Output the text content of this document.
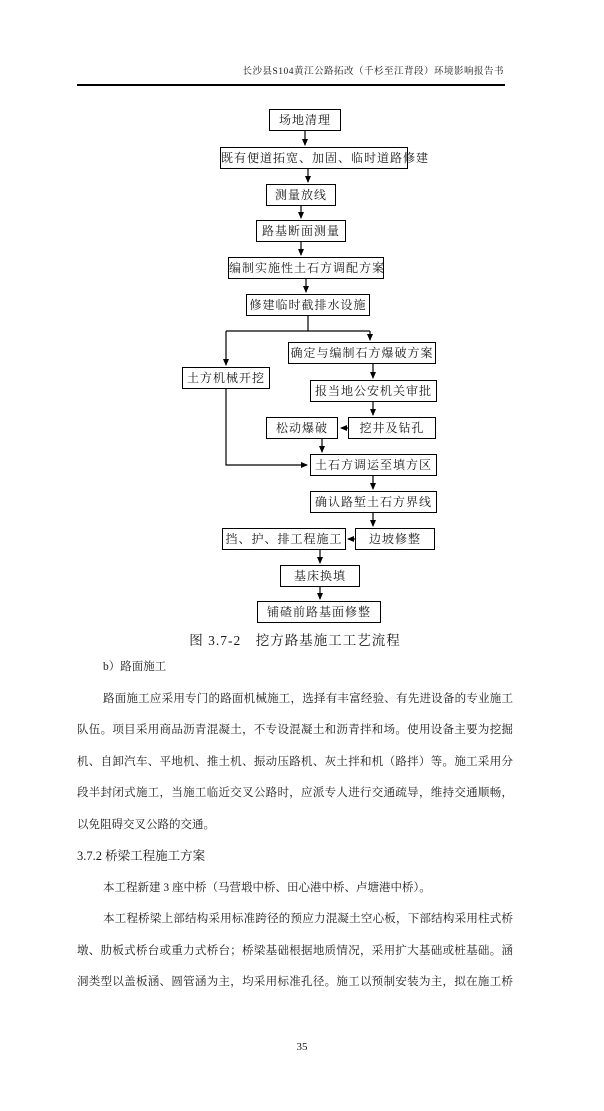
长沙县S104黄江公路拓改（千杉至江背段）环境影响报告书
场地清理
既有便道拓宽、加固、临时道路修建
测量放线
路基断面测量
编制实施性土石方调配方案
修建临时截排水设施
土方机械开挖
确定与编制石方爆破方案
报当地公安机关审批
松动爆破	挖井及钻孔
土石方调运至填方区
确认路堑土石方界线
挡、护、排工程施工	边坡修整
基床换填
铺碴前路基面修整
图 3.7-2　挖方路基施工工艺流程
b）路面施工
路面施工应采用专门的路面机械施工，选择有丰富经验、有先进设备的专业施工
队伍。项目采用商品沥青混凝土，不专设混凝土和沥青拌和场。使用设备主要为挖掘
机、自卸汽车、平地机、推土机、振动压路机、灰土拌和机（路拌）等。施工采用分
段半封闭式施工，当施工临近交叉公路时，应派专人进行交通疏导，维持交通顺畅，
以免阻碍交叉公路的交通。
3.7.2 桥梁工程施工方案
本工程新建 3 座中桥（马营塅中桥、田心港中桥、卢塘港中桥）。
本工程桥梁上部结构采用标准跨径的预应力混凝土空心板，下部结构采用柱式桥
墩、肋板式桥台或重力式桥台；桥梁基础根据地质情况，采用扩大基础或桩基础。涵
洞类型以盖板涵、圆管涵为主，均采用标准孔径。施工以预制安装为主，拟在施工桥
35
